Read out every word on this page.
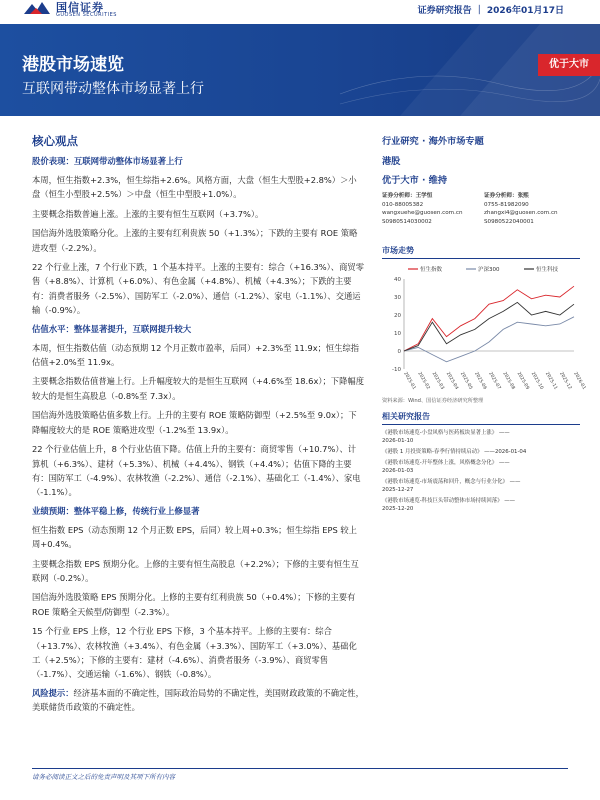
国信证券
GUOSEN SECURITIES	证券研究报告 ｜ 2026年01月17日
港股市场速览
互联网带动整体市场显著上行
优于大市
核心观点
股价表现：互联网带动整体市场显著上行
本周，恒生指数+2.3%，恒生综指+2.6%。风格方面，大盘（恒生大型股+2.8%）＞小盘（恒生小型股+2.5%）＞中盘（恒生中型股+1.0%）。
主要概念指数普遍上涨。上涨的主要有恒生互联网（+3.7%）。
国信海外选股策略分化。上涨的主要有红利贵族 50（+1.3%）；下跌的主要有 ROE 策略进攻型（-2.2%）。
22 个行业上涨，7 个行业下跌，1 个基本持平。上涨的主要有：综合（+16.3%）、商贸零售（+8.8%）、计算机（+6.0%）、有色金属（+4.8%）、机械（+4.3%）；下跌的主要有：消费者服务（-2.5%）、国防军工（-2.0%）、通信（-1.2%）、家电（-1.1%）、交通运输（-0.9%）。
估值水平：整体显著提升，互联网提升较大
本周，恒生指数估值（动态预期 12 个月正数市盈率，后同）+2.3%至 11.9x；恒生综指估值+2.0%至 11.9x。
主要概念指数估值普遍上行。上升幅度较大的是恒生互联网（+4.6%至 18.6x）；下降幅度较大的是恒生高股息（-0.8%至 7.3x）。
国信海外选股策略估值多数上行。上升的主要有 ROE 策略防御型（+2.5%至 9.0x）；下降幅度较大的是 ROE 策略进攻型（-1.2%至 13.9x）。
22 个行业估值上升，8 个行业估值下降。估值上升的主要有：商贸零售（+10.7%）、计算机（+6.3%）、建材（+5.3%）、机械（+4.4%）、钢铁（+4.4%）；估值下降的主要有：国防军工（-4.9%）、农林牧渔（-2.2%）、通信（-2.1%）、基础化工（-1.4%）、家电（-1.1%）。
业绩预期：整体平稳上修，传统行业上修显著
恒生指数 EPS（动态预期 12 个月正数 EPS，后同）较上周+0.3%；恒生综指 EPS 较上周+0.4%。
主要概念指数 EPS 预期分化。上修的主要有恒生高股息（+2.2%）；下修的主要有恒生互联网（-0.2%）。
国信海外选股策略 EPS 预期分化。上修的主要有红利贵族 50（+0.4%）；下修的主要有 ROE 策略全天候型/防御型（-2.3%）。
15 个行业 EPS 上修，12 个行业 EPS 下修，3 个基本持平。上修的主要有：综合（+13.7%）、农林牧渔（+3.4%）、有色金属（+3.3%）、国防军工（+3.0%）、基础化工（+2.5%）；下修的主要有：建材（-4.6%）、消费者服务（-3.9%）、商贸零售（-1.7%）、交通运输（-1.6%）、钢铁（-0.8%）。
风险提示：经济基本面的不确定性，国际政治局势的不确定性，美国财政政策的不确定性，美联储货币政策的不确定性。
行业研究 · 海外市场专题
港股
优于大市 · 维持
证券分析师：王学恒
010-88005382
wangxuehe@guosen.com.cn
S0980514030002
证券分析师：张熙
0755-81982090
zhangxi4@guosen.com.cn
S0980522040001
市场走势
-10
0
10
20
30
40
2025-01 2025-02 2025-03 2025-04 2025-05 2025-06 2025-07 2025-08 2025-09 2025-10 2025-11 2025-12 2026-01
恒生指数	沪深300	恒生科技
资料来源：Wind、国信证券经济研究所整理
相关研究报告
《港股市场速览-小盘风格与医药板块显著上涨》 ——
2026-01-10
《港股 1 月投资策略-春季行情持续启动》 ——2026-01-04
《港股市场速览-开年整体上涨，风格概念分化》 ——
2026-01-03
《港股市场速览-市场震荡和回升，概念与行业分化》 ——
2025-12-27
《港股市场速览-科技巨头带动整体市场持续回落》 ——
2025-12-20
请务必阅读正文之后的免责声明及其项下所有内容
